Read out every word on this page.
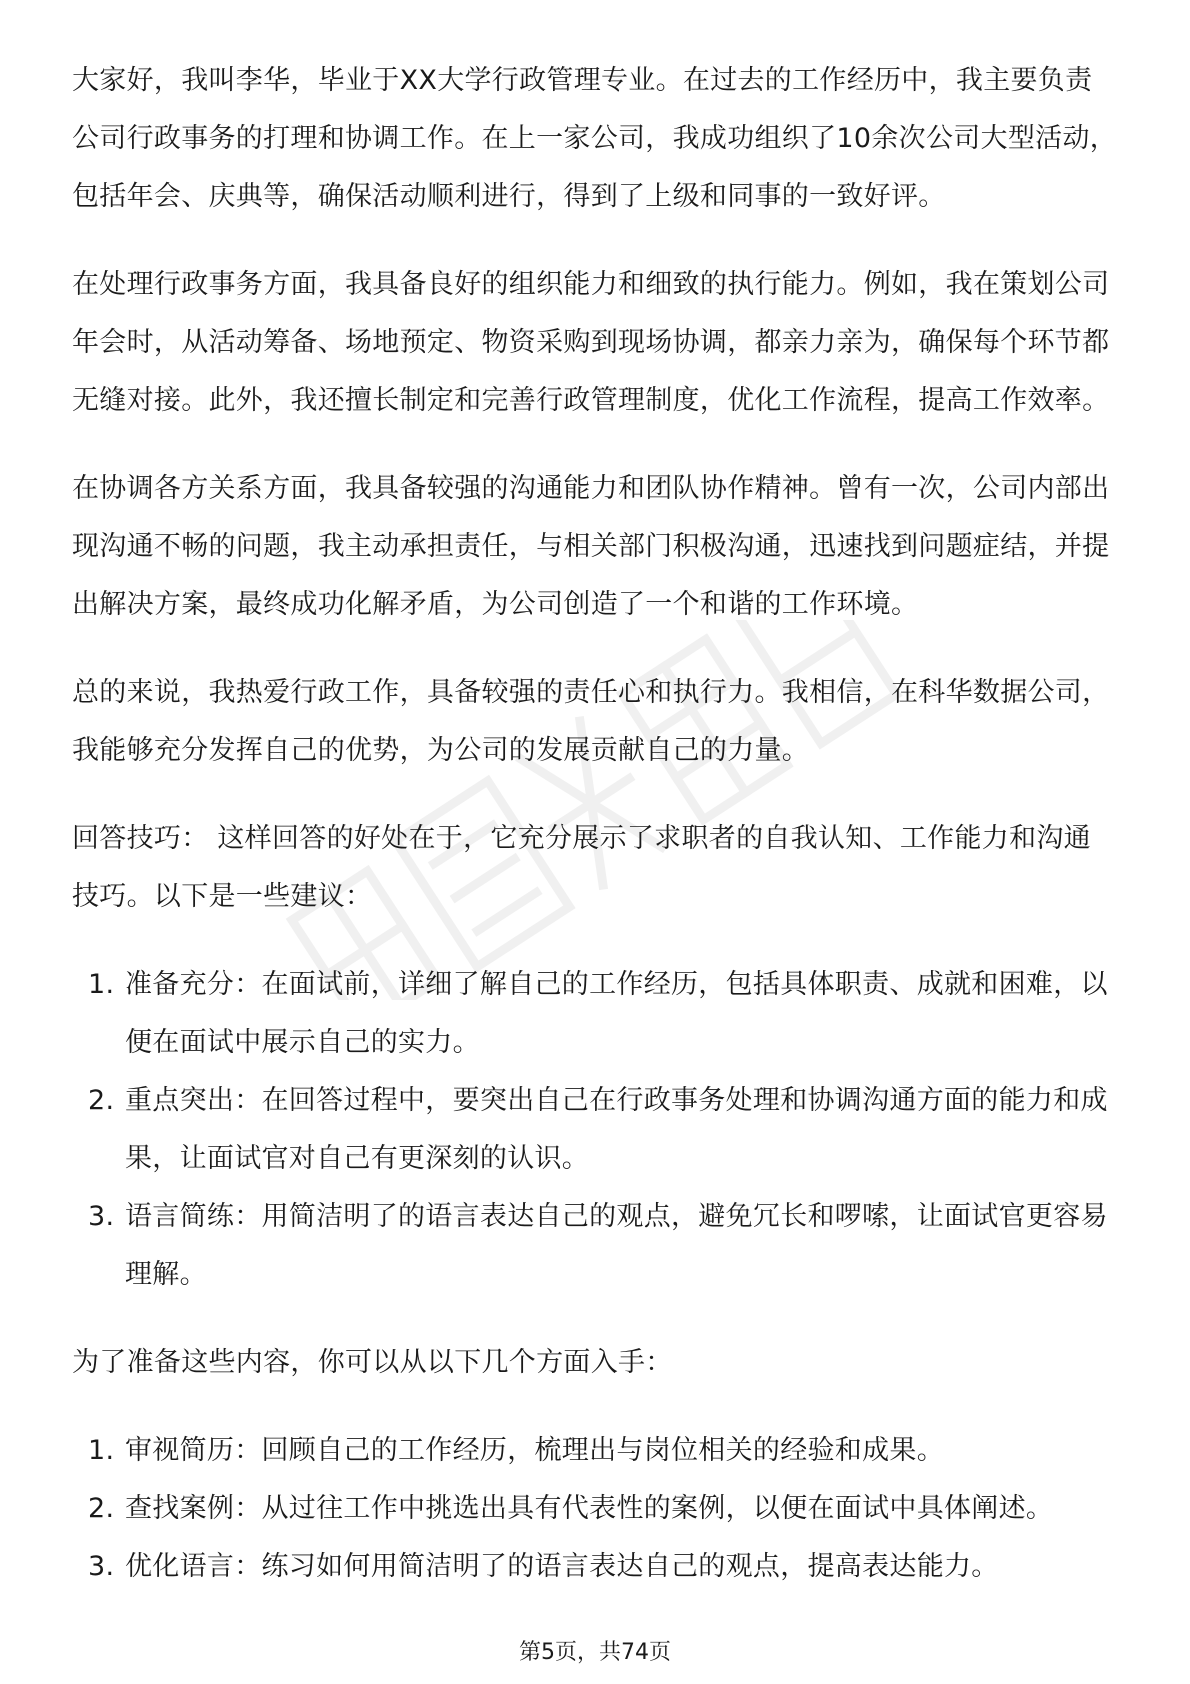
大家好，我叫李华，毕业于XX大学行政管理专业。在过去的工作经历中，我主要负责公司行政事务的打理和协调工作。在上一家公司，我成功组织了10余次公司大型活动，包括年会、庆典等，确保活动顺利进行，得到了上级和同事的一致好评。

在处理行政事务方面，我具备良好的组织能力和细致的执行能力。例如，我在策划公司年会时，从活动筹备、场地预定、物资采购到现场协调，都亲力亲为，确保每个环节都无缝对接。此外，我还擅长制定和完善行政管理制度，优化工作流程，提高工作效率。

在协调各方关系方面，我具备较强的沟通能力和团队协作精神。曾有一次，公司内部出现沟通不畅的问题，我主动承担责任，与相关部门积极沟通，迅速找到问题症结，并提出解决方案，最终成功化解矛盾，为公司创造了一个和谐的工作环境。

总的来说，我热爱行政工作，具备较强的责任心和执行力。我相信，在科华数据公司，我能够充分发挥自己的优势，为公司的发展贡献自己的力量。

回答技巧： 这样回答的好处在于，它充分展示了求职者的自我认知、工作能力和沟通技巧。以下是一些建议：

1. 准备充分：在面试前，详细了解自己的工作经历，包括具体职责、成就和困难，以便在面试中展示自己的实力。
2. 重点突出：在回答过程中，要突出自己在行政事务处理和协调沟通方面的能力和成果，让面试官对自己有更深刻的认识。
3. 语言简练：用简洁明了的语言表达自己的观点，避免冗长和啰嗦，让面试官更容易理解。

为了准备这些内容，你可以从以下几个方面入手：

1. 审视简历：回顾自己的工作经历，梳理出与岗位相关的经验和成果。
2. 查找案例：从过往工作中挑选出具有代表性的案例，以便在面试中具体阐述。
3. 优化语言：练习如何用简洁明了的语言表达自己的观点，提高表达能力。
第5页，共74页
